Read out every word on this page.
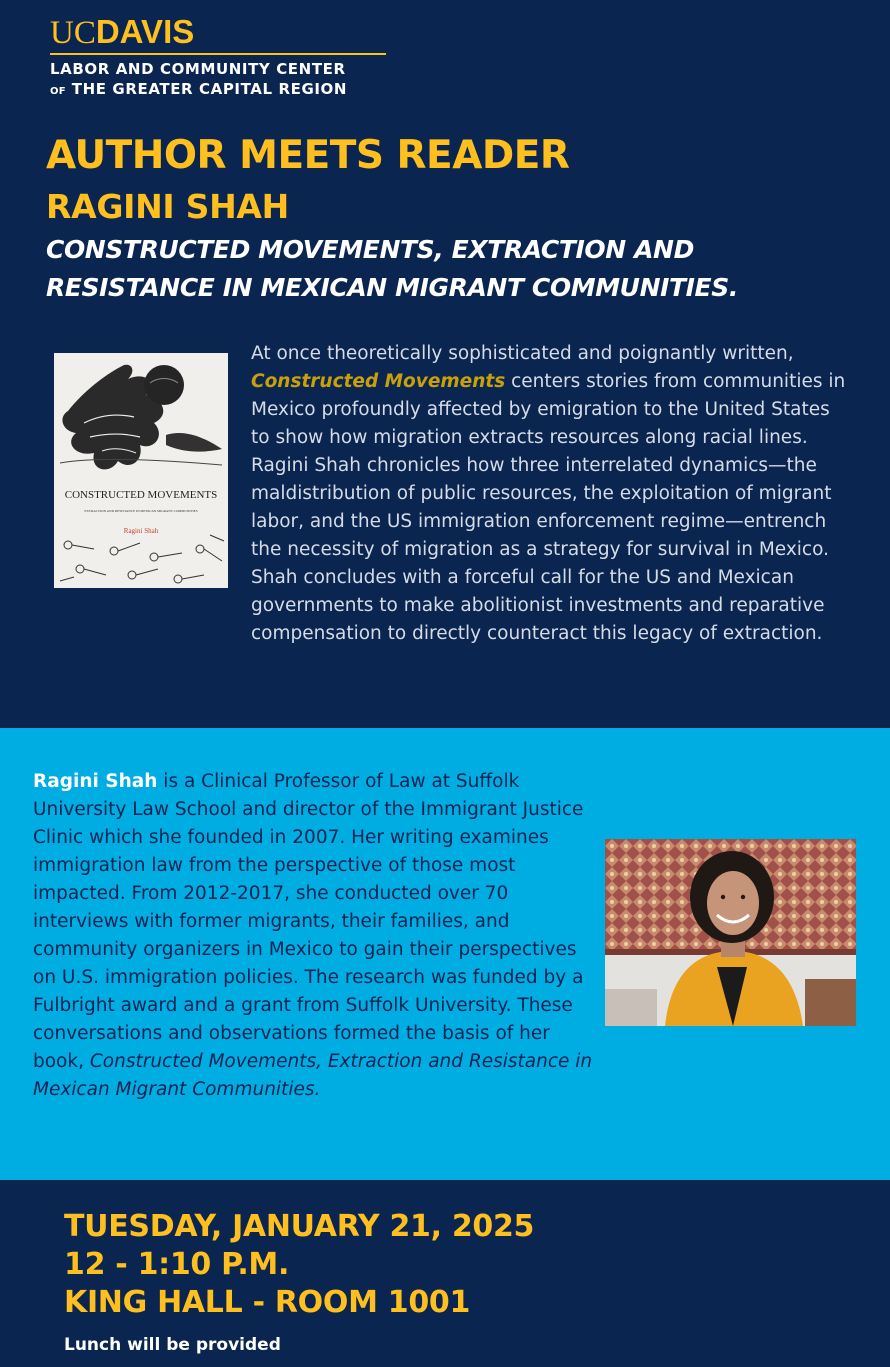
UCDAVIS
LABOR AND COMMUNITY CENTER
OF THE GREATER CAPITAL REGION
AUTHOR MEETS READER
RAGINI SHAH
CONSTRUCTED MOVEMENTS, EXTRACTION AND RESISTANCE IN MEXICAN MIGRANT COMMUNITIES.
CONSTRUCTED MOVEMENTS
EXTRACTION AND RESISTANCE IN MEXICAN MIGRANT COMMUNITIES
Ragini Shah
At once theoretically sophisticated and poignantly written, Constructed Movements centers stories from communities in Mexico profoundly affected by emigration to the United States to show how migration extracts resources along racial lines. Ragini Shah chronicles how three interrelated dynamics—the maldistribution of public resources, the exploitation of migrant labor, and the US immigration enforcement regime—entrench the necessity of migration as a strategy for survival in Mexico. Shah concludes with a forceful call for the US and Mexican governments to make abolitionist investments and reparative compensation to directly counteract this legacy of extraction.
Ragini Shah is a Clinical Professor of Law at Suffolk University Law School and director of the Immigrant Justice Clinic which she founded in 2007. Her writing examines immigration law from the perspective of those most impacted. From 2012-2017, she conducted over 70 interviews with former migrants, their families, and community organizers in Mexico to gain their perspectives on U.S. immigration policies. The research was funded by a Fulbright award and a grant from Suffolk University. These conversations and observations formed the basis of her book, Constructed Movements, Extraction and Resistance in Mexican Migrant Communities.
TUESDAY, JANUARY 21, 2025
12 - 1:10 P.M.
KING HALL - ROOM 1001
Lunch will be provided
